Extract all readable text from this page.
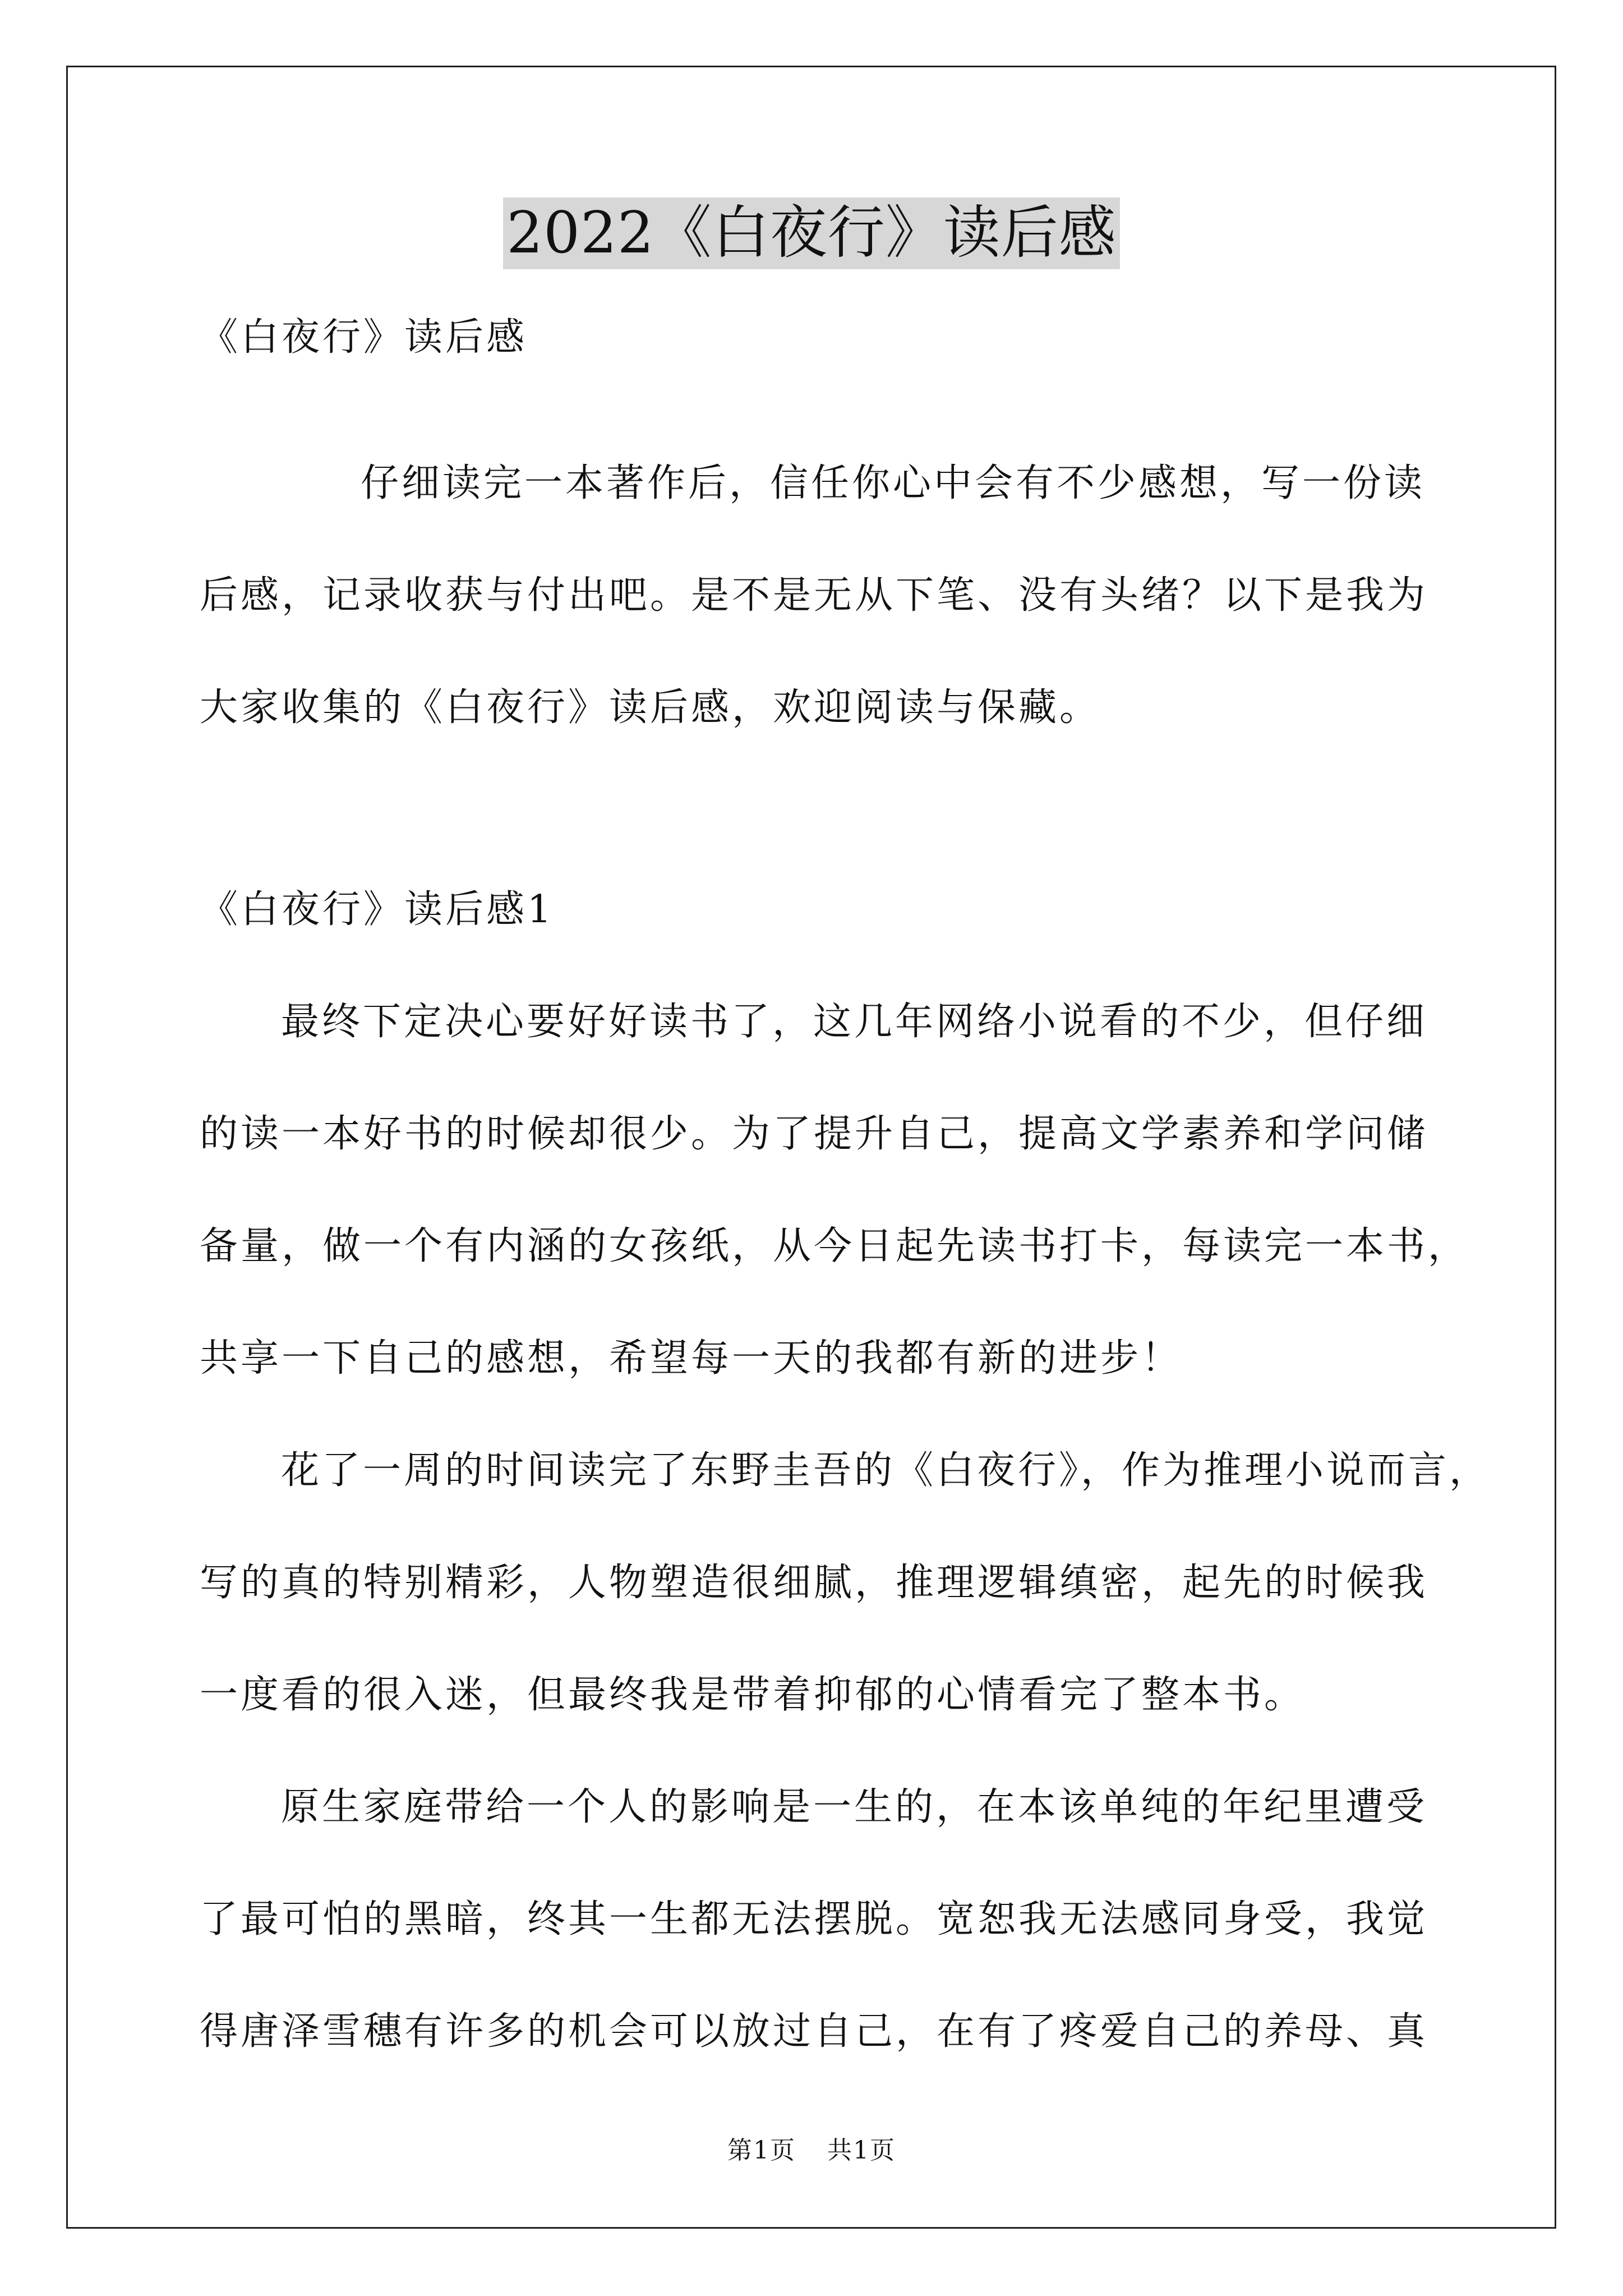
2022《白夜行》读后感
《白夜行》读后感
仔细读完一本著作后，信任你心中会有不少感想，写一份读
后感，记录收获与付出吧。是不是无从下笔、没有头绪？以下是我为
大家收集的《白夜行》读后感，欢迎阅读与保藏。
《白夜行》读后感1
最终下定决心要好好读书了，这几年网络小说看的不少，但仔细
的读一本好书的时候却很少。为了提升自己，提高文学素养和学问储
备量，做一个有内涵的女孩纸，从今日起先读书打卡，每读完一本书，
共享一下自己的感想，希望每一天的我都有新的进步！
花了一周的时间读完了东野圭吾的《白夜行》，作为推理小说而言，
写的真的特别精彩，人物塑造很细腻，推理逻辑缜密，起先的时候我
一度看的很入迷，但最终我是带着抑郁的心情看完了整本书。
原生家庭带给一个人的影响是一生的，在本该单纯的年纪里遭受
了最可怕的黑暗，终其一生都无法摆脱。宽恕我无法感同身受，我觉
得唐泽雪穗有许多的机会可以放过自己，在有了疼爱自己的养母、真
第1页 共1页
